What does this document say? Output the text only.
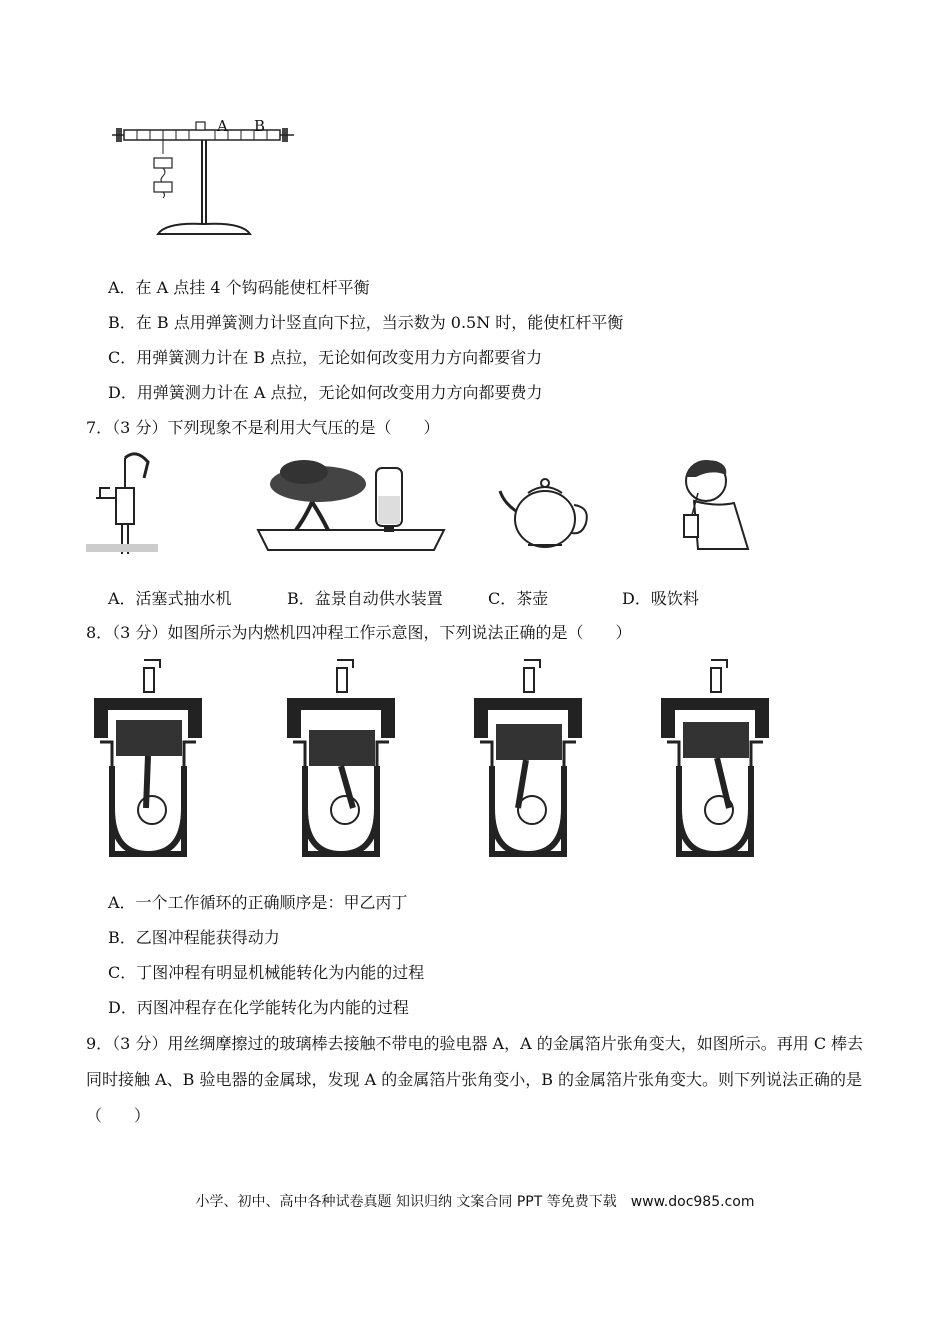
A B
A．在 A 点挂 4 个钩码能使杠杆平衡
B．在 B 点用弹簧测力计竖直向下拉，当示数为 0.5N 时，能使杠杆平衡
C．用弹簧测力计在 B 点拉，无论如何改变用力方向都要省力
D．用弹簧测力计在 A 点拉，无论如何改变用力方向都要费力
7．（3 分）下列现象不是利用大气压的是（　　）
A．活塞式抽水机	B．盆景自动供水装置	C．茶壶	D．吸饮料
8．（3 分）如图所示为内燃机四冲程工作示意图，下列说法正确的是（　　）
A．一个工作循环的正确顺序是：甲乙丙丁
B．乙图冲程能获得动力
C．丁图冲程有明显机械能转化为内能的过程
D．丙图冲程存在化学能转化为内能的过程
9．（3 分）用丝绸摩擦过的玻璃棒去接触不带电的验电器 A，A 的金属箔片张角变大，如图所示。再用 C 棒去同时接触 A、B 验电器的金属球，发现 A 的金属箔片张角变小，B 的金属箔片张角变大。则下列说法正确的是（　　）
小学、初中、高中各种试卷真题 知识归纳 文案合同 PPT 等免费下载　www.doc985.com
